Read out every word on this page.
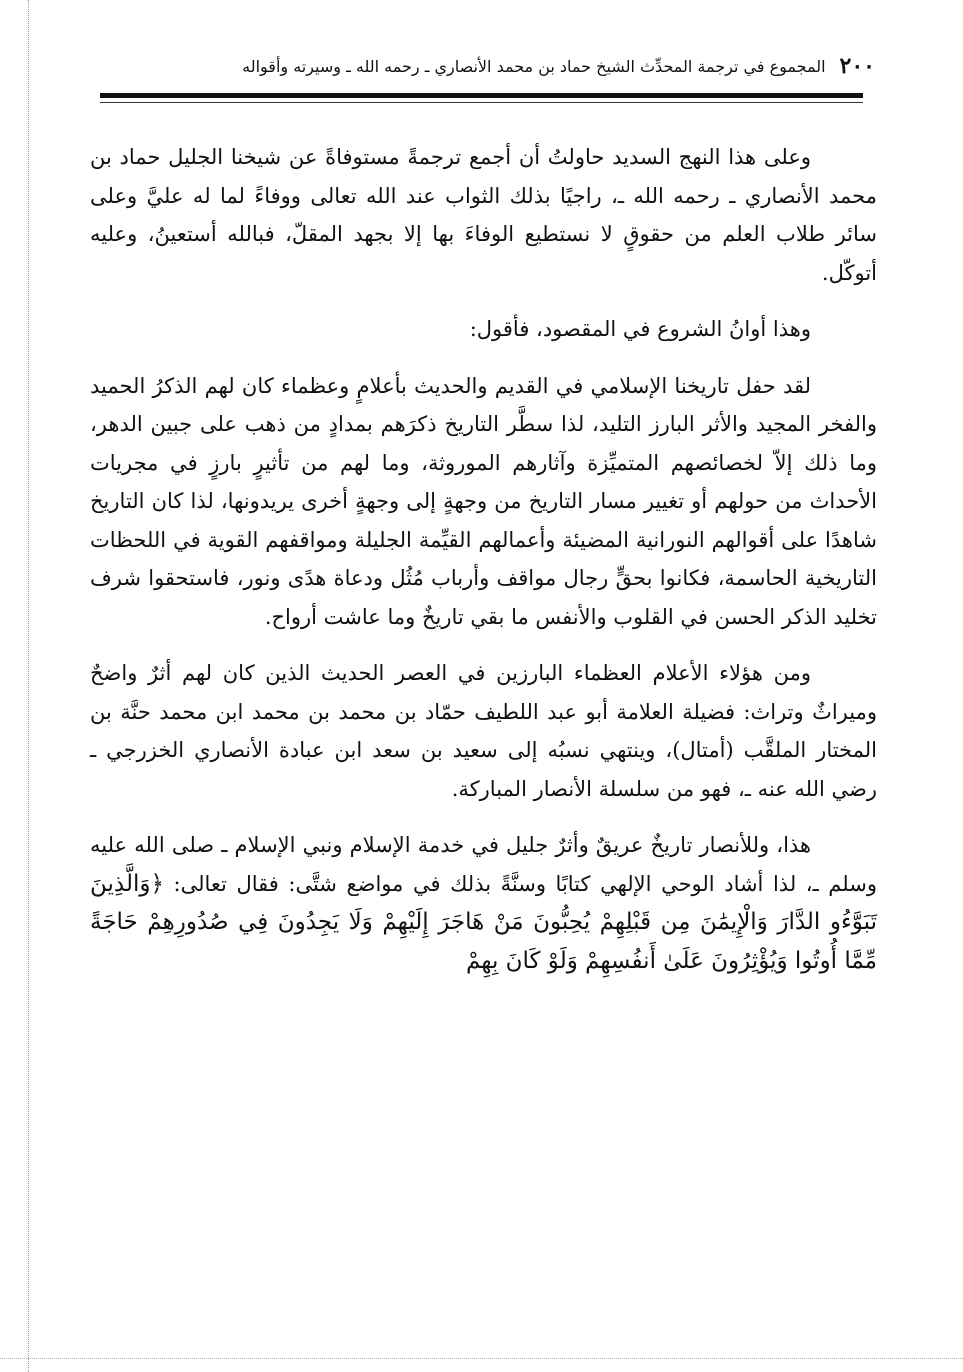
٢٠٠
المجموع في ترجمة المحدِّث الشيخ حماد بن محمد الأنصاري ـ رحمه الله ـ وسيرته وأقواله

وعلى هذا النهج السديد حاولتُ أن أجمع ترجمةً مستوفاةً عن شيخنا الجليل حماد بن محمد الأنصاري ـ رحمه الله ـ، راجيًا بذلك الثواب عند الله تعالى ووفاءً لما له عليَّ وعلى سائر طلاب العلم من حقوقٍ لا نستطيع الوفاءَ بها إلا بجهد المقلّ، فبالله أستعينُ، وعليه أتوكّل.

وهذا أوانُ الشروع في المقصود، فأقول:

لقد حفل تاريخنا الإسلامي في القديم والحديث بأعلامٍ وعظماء كان لهم الذكرُ الحميد والفخر المجيد والأثر البارز التليد، لذا سطَّر التاريخ ذكرَهم بمدادٍ من ذهب على جبين الدهر، وما ذلك إلاّ لخصائصهم المتميِّزة وآثارهم الموروثة، وما لهم من تأثيرٍ بارزٍ في مجريات الأحداث من حولهم أو تغيير مسار التاريخ من وجهةٍ إلى وجهةٍ أخرى يريدونها، لذا كان التاريخ شاهدًا على أقوالهم النورانية المضيئة وأعمالهم القيِّمة الجليلة ومواقفهم القوية في اللحظات التاريخية الحاسمة، فكانوا بحقٍّ رجال مواقف وأرباب مُثُل ودعاة هدًى ونور، فاستحقوا شرف تخليد الذكر الحسن في القلوب والأنفس ما بقي تاريخٌ وما عاشت أرواح.

ومن هؤلاء الأعلام العظماء البارزين في العصر الحديث الذين كان لهم أثرٌ واضحٌ وميراثٌ وتراث: فضيلة العلامة أبو عبد اللطيف حمّاد بن محمد بن محمد ابن محمد حنَّة بن المختار الملقَّب (أمتال)، وينتهي نسبُه إلى سعيد بن سعد ابن عبادة الأنصاري الخزرجي ـ رضي الله عنه ـ، فهو من سلسلة الأنصار المباركة.

هذا، وللأنصار تاريخٌ عريقٌ وأثرٌ جليل في خدمة الإسلام ونبي الإسلام ـ صلى الله عليه وسلم ـ، لذا أشاد الوحي الإلهي كتابًا وسنَّةً بذلك في مواضع شتَّى: فقال تعالى: ﴿وَالَّذِينَ تَبَوَّءُو الدَّارَ وَالْإِيمَٰنَ مِن قَبْلِهِمْ يُحِبُّونَ مَنْ هَاجَرَ إِلَيْهِمْ وَلَا يَجِدُونَ فِي صُدُورِهِمْ حَاجَةً مِّمَّا أُوتُوا وَيُؤْثِرُونَ عَلَىٰ أَنفُسِهِمْ وَلَوْ كَانَ بِهِمْ
